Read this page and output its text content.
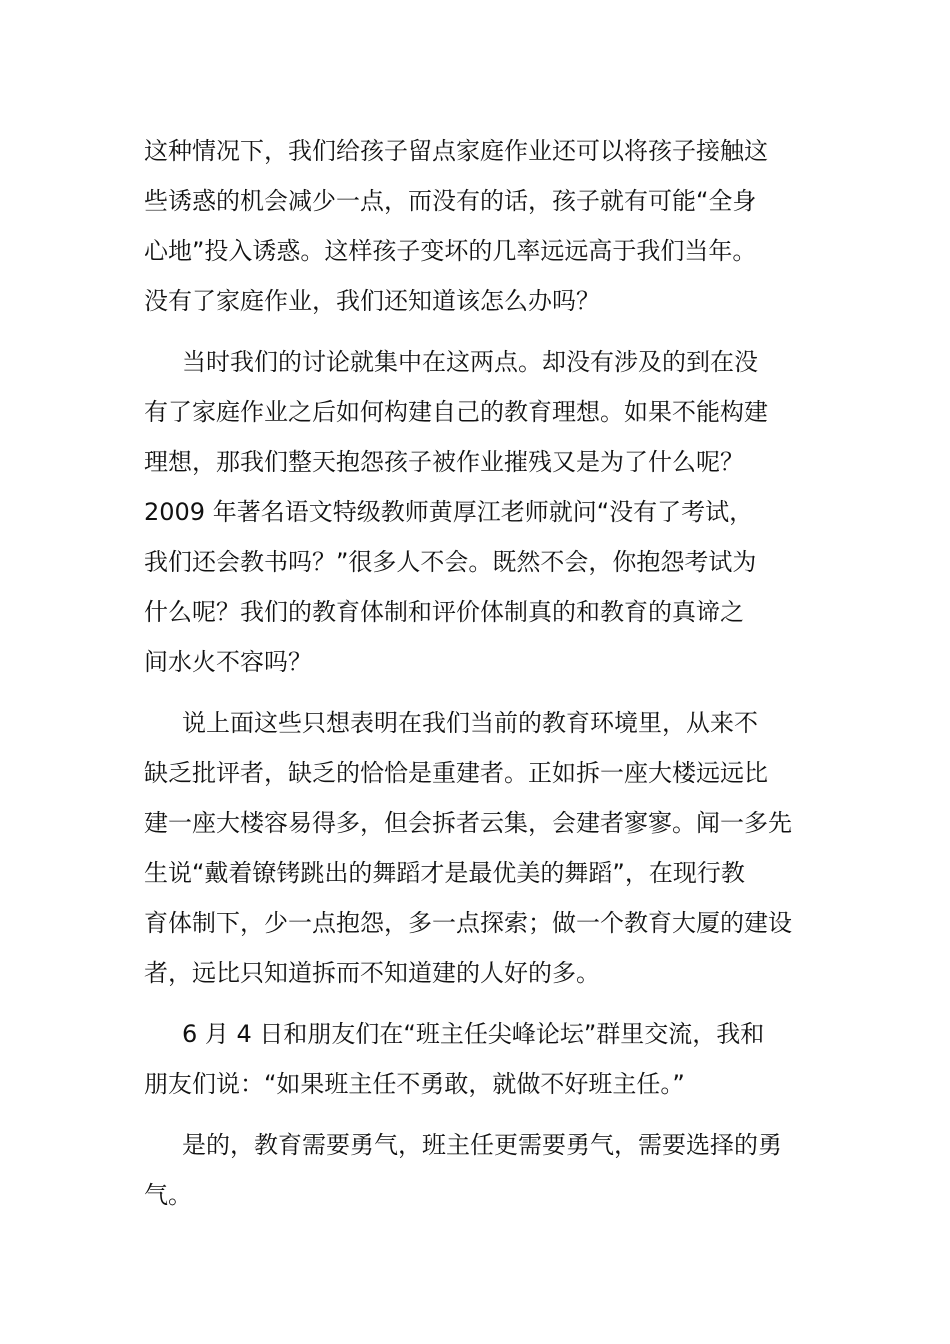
这种情况下，我们给孩子留点家庭作业还可以将孩子接触这
些诱惑的机会减少一点，而没有的话，孩子就有可能“全身
心地”投入诱惑。这样孩子变坏的几率远远高于我们当年。
没有了家庭作业，我们还知道该怎么办吗？

当时我们的讨论就集中在这两点。却没有涉及的到在没
有了家庭作业之后如何构建自己的教育理想。如果不能构建
理想，那我们整天抱怨孩子被作业摧残又是为了什么呢？
2009 年著名语文特级教师黄厚江老师就问“没有了考试，
我们还会教书吗？”很多人不会。既然不会，你抱怨考试为
什么呢？我们的教育体制和评价体制真的和教育的真谛之
间水火不容吗？

说上面这些只想表明在我们当前的教育环境里，从来不
缺乏批评者，缺乏的恰恰是重建者。正如拆一座大楼远远比
建一座大楼容易得多，但会拆者云集，会建者寥寥。闻一多先
生说“戴着镣铐跳出的舞蹈才是最优美的舞蹈”，在现行教
育体制下，少一点抱怨，多一点探索；做一个教育大厦的建设
者，远比只知道拆而不知道建的人好的多。

6 月 4 日和朋友们在“班主任尖峰论坛”群里交流，我和
朋友们说：“如果班主任不勇敢，就做不好班主任。”

是的，教育需要勇气，班主任更需要勇气，需要选择的勇
气。
